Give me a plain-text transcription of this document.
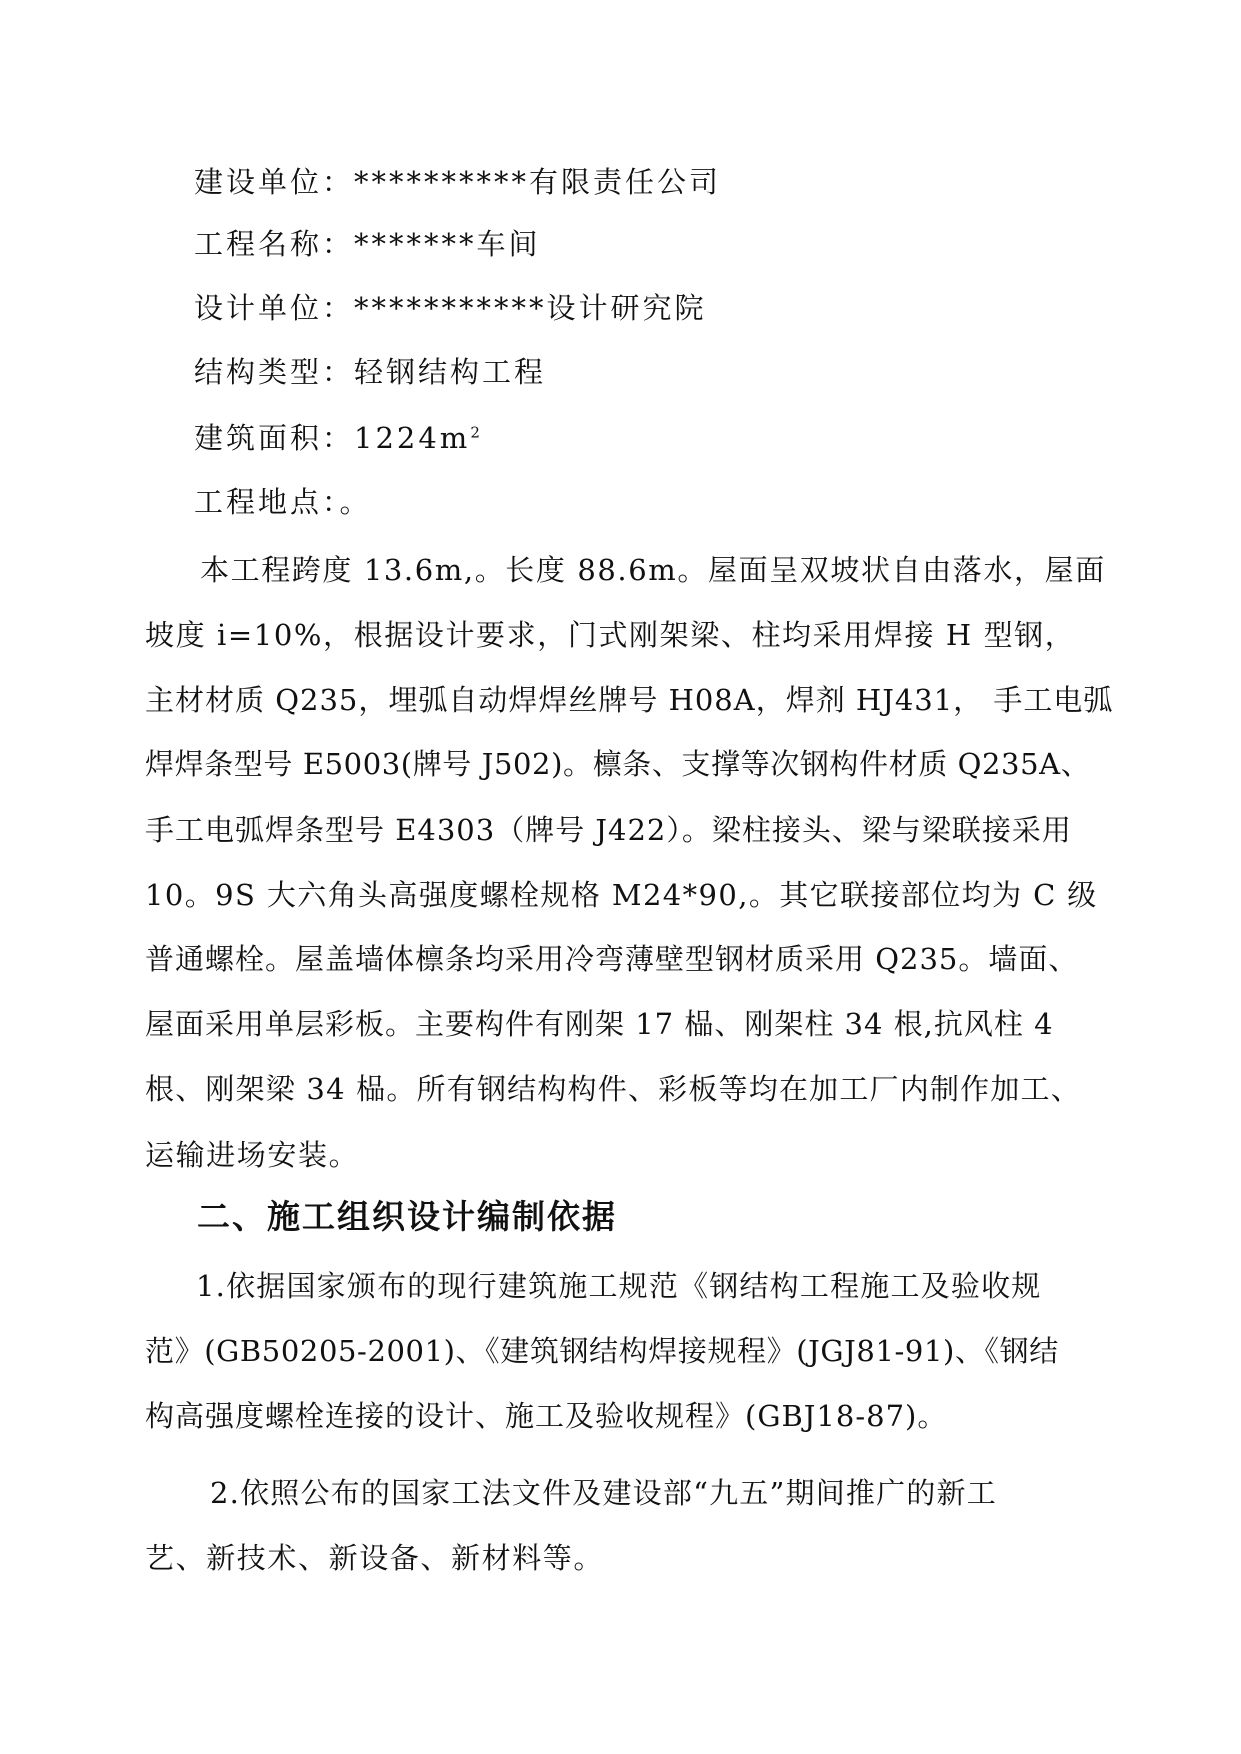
建设单位：**********有限责任公司
工程名称：*******车间
设计单位：***********设计研究院
结构类型：轻钢结构工程
建筑面积：$1224m^2$
工程地点：。
本工程跨度 13.6m,。长度 88.6m。屋面呈双坡状自由落水，屋面
坡度 i=10%，根据设计要求，门式刚架梁、柱均采用焊接 H 型钢，
主材材质 Q235，埋弧自动焊焊丝牌号 H08A，焊剂 HJ431， 手工电弧
焊焊条型号 E5003(牌号 J502)。檩条、支撑等次钢构件材质 Q235A、
手工电弧焊条型号 E4303（牌号 J422）。梁柱接头、梁与梁联接采用
10。9S 大六角头高强度螺栓规格 M24*90,。其它联接部位均为 C 级
普通螺栓。屋盖墙体檩条均采用冷弯薄壁型钢材质采用 Q235。墙面、
屋面采用单层彩板。主要构件有刚架 17 榀、刚架柱 34 根,抗风柱 4
根、刚架梁 34 榀。所有钢结构构件、彩板等均在加工厂内制作加工、
运输进场安装。
二、施工组织设计编制依据
1.依据国家颁布的现行建筑施工规范《钢结构工程施工及验收规
范》(GB50205-2001)、《建筑钢结构焊接规程》(JGJ81-91)、《钢结
构高强度螺栓连接的设计、施工及验收规程》(GBJ18-87)。
2.依照公布的国家工法文件及建设部“九五”期间推广的新工
艺、新技术、新设备、新材料等。
